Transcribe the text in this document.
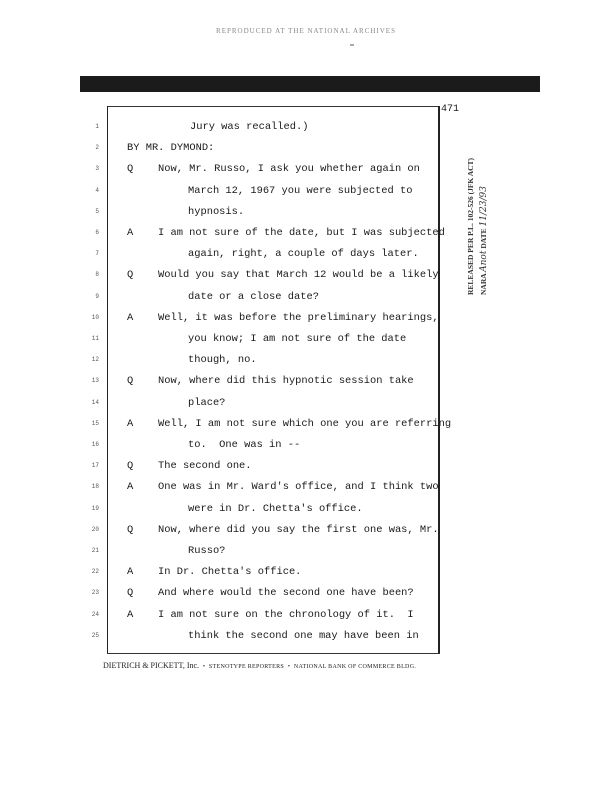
REPRODUCED AT THE NATIONAL ARCHIVES
471
1
2
3
4
5
6
7
8
9
10
11
12
13
14
15
16
17
18
19
20
21
22
23
24
25
Jury was recalled.)
BY MR. DYMOND:
Q Now, Mr. Russo, I ask you whether again on
March 12, 1967 you were subjected to
hypnosis.
A I am not sure of the date, but I was subjected
again, right, a couple of days later.
Q Would you say that March 12 would be a likely
date or a close date?
A Well, it was before the preliminary hearings,
you know; I am not sure of the date
though, no.
Q Now, where did this hypnotic session take
place?
A Well, I am not sure which one you are referring
to.  One was in --
Q The second one.
A One was in Mr. Ward's office, and I think two
were in Dr. Chetta's office.
Q Now, where did you say the first one was, Mr.
Russo?
A In Dr. Chetta's office.
Q And where would the second one have been?
A I am not sure on the chronology of it.  I
think the second one may have been in
DIETRICH & PICKETT, Inc.  •  STENOTYPE REPORTERS  •  NATIONAL BANK OF COMMERCE BLDG.
RELEASED PER P.L. 102-526 (JFK ACT) NARA Anot DATE 11/23/93
